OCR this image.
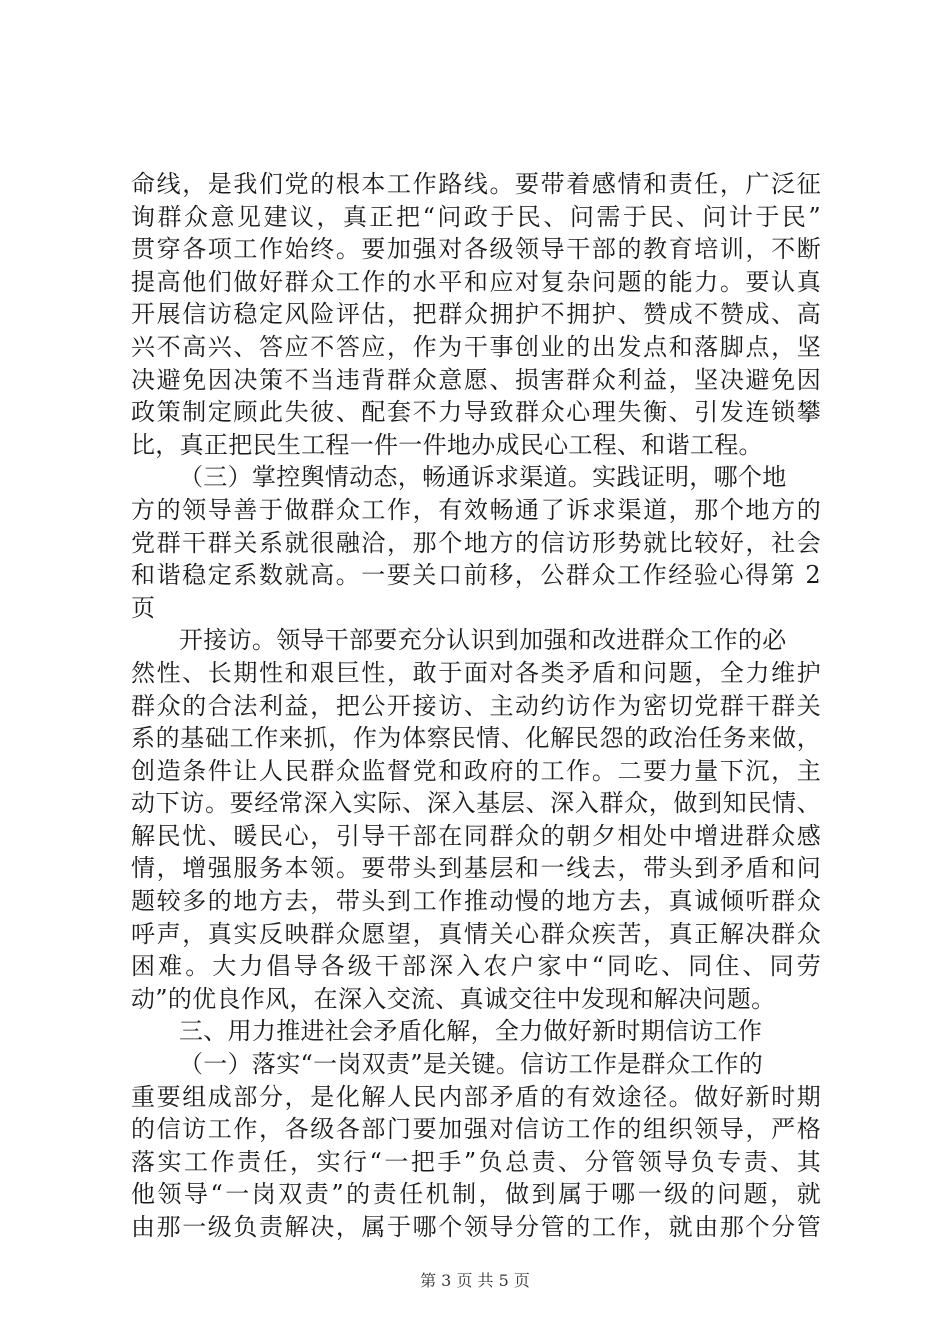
命线，是我们党的根本工作路线。要带着感情和责任，广泛征
询群众意见建议，真正把“问政于民、问需于民、问计于民”
贯穿各项工作始终。要加强对各级领导干部的教育培训，不断
提高他们做好群众工作的水平和应对复杂问题的能力。要认真
开展信访稳定风险评估，把群众拥护不拥护、赞成不赞成、高
兴不高兴、答应不答应，作为干事创业的出发点和落脚点，坚
决避免因决策不当违背群众意愿、损害群众利益，坚决避免因
政策制定顾此失彼、配套不力导致群众心理失衡、引发连锁攀
比，真正把民生工程一件一件地办成民心工程、和谐工程。
（三）掌控舆情动态，畅通诉求渠道。实践证明，哪个地
方的领导善于做群众工作，有效畅通了诉求渠道，那个地方的
党群干群关系就很融洽，那个地方的信访形势就比较好，社会
和谐稳定系数就高。一要关口前移，公群众工作经验心得第 2
页
开接访。领导干部要充分认识到加强和改进群众工作的必
然性、长期性和艰巨性，敢于面对各类矛盾和问题，全力维护
群众的合法利益，把公开接访、主动约访作为密切党群干群关
系的基础工作来抓，作为体察民情、化解民怨的政治任务来做，
创造条件让人民群众监督党和政府的工作。二要力量下沉，主
动下访。要经常深入实际、深入基层、深入群众，做到知民情、
解民忧、暖民心，引导干部在同群众的朝夕相处中增进群众感
情，增强服务本领。要带头到基层和一线去，带头到矛盾和问
题较多的地方去，带头到工作推动慢的地方去，真诚倾听群众
呼声，真实反映群众愿望，真情关心群众疾苦，真正解决群众
困难。大力倡导各级干部深入农户家中“同吃、同住、同劳
动”的优良作风，在深入交流、真诚交往中发现和解决问题。
三、用力推进社会矛盾化解，全力做好新时期信访工作
（一）落实“一岗双责”是关键。信访工作是群众工作的
重要组成部分，是化解人民内部矛盾的有效途径。做好新时期
的信访工作，各级各部门要加强对信访工作的组织领导，严格
落实工作责任，实行“一把手”负总责、分管领导负专责、其
他领导“一岗双责”的责任机制，做到属于哪一级的问题，就
由那一级负责解决，属于哪个领导分管的工作，就由那个分管
第 3 页 共 5 页
